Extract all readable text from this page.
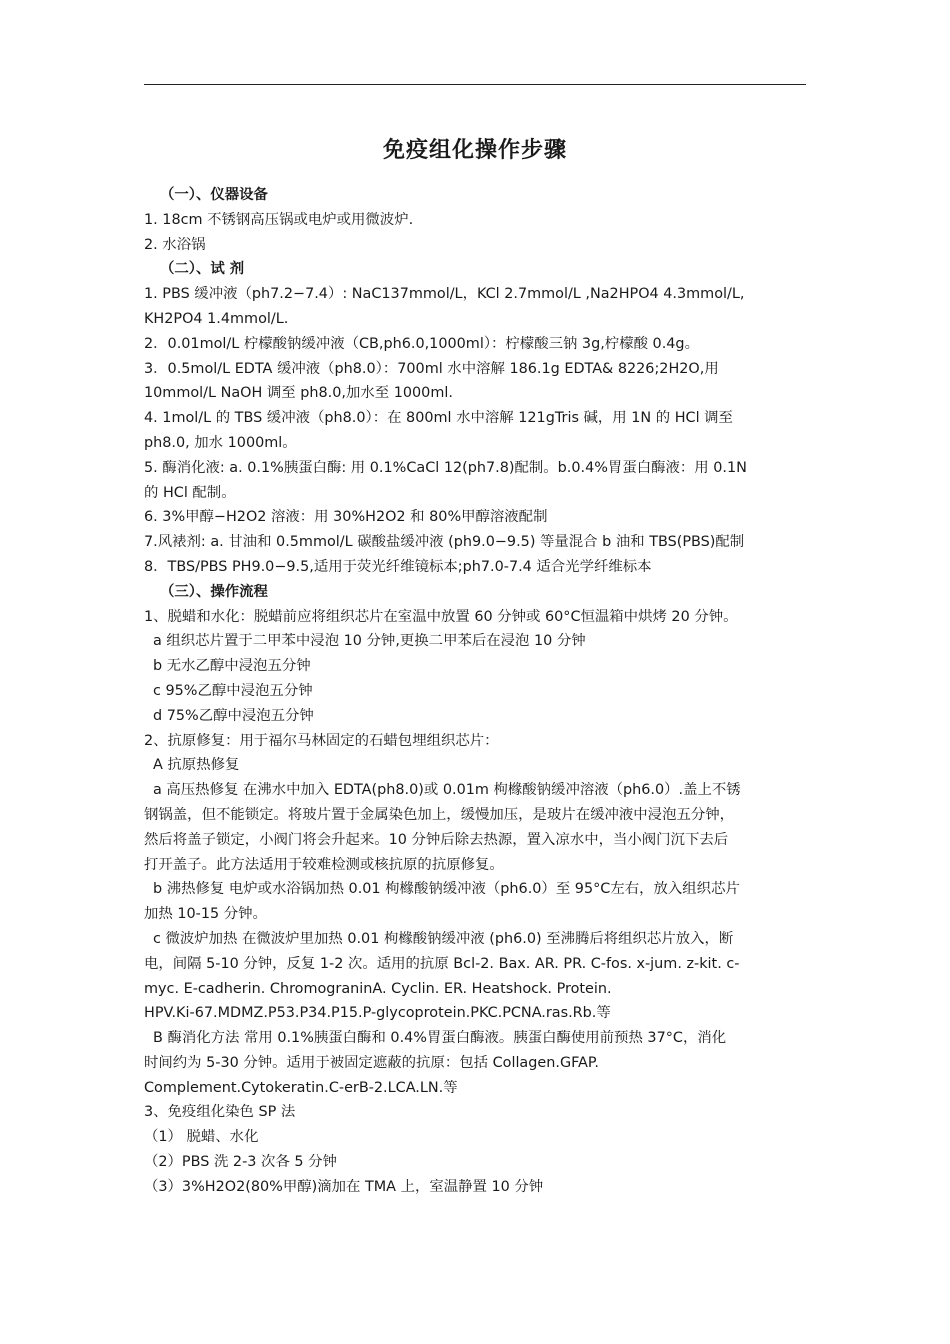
免疫组化操作步骤
（一）、仪器设备
1. 18cm 不锈钢高压锅或电炉或用微波炉.
2. 水浴锅
（二）、试 剂
1. PBS 缓冲液（ph7.2−7.4）: NaC137mmol/L，KCl 2.7mmol/L ,Na2HPO4 4.3mmol/L,
KH2PO4 1.4mmol/L.
2．0.01mol/L 柠檬酸钠缓冲液（CB,ph6.0,1000ml）：柠檬酸三钠 3g,柠檬酸 0.4g。
3．0.5mol/L EDTA 缓冲液（ph8.0）：700ml 水中溶解 186.1g EDTA& 8226;2H2O,用
10mmol/L NaOH 调至 ph8.0,加水至 1000ml.
4. 1mol/L 的 TBS 缓冲液（ph8.0）：在 800ml 水中溶解 121gTris 碱，用 1N 的 HCl 调至
ph8.0, 加水 1000ml。
5. 酶消化液: a. 0.1%胰蛋白酶: 用 0.1%CaCl 12(ph7.8)配制。b.0.4%胃蛋白酶液：用 0.1N
的 HCl 配制。
6. 3%甲醇−H2O2 溶液：用 30%H2O2 和 80%甲醇溶液配制
7.风裱剂: a. 甘油和 0.5mmol/L 碳酸盐缓冲液 (ph9.0−9.5) 等量混合 b 油和 TBS(PBS)配制
8．TBS/PBS PH9.0−9.5,适用于荧光纤维镜标本;ph7.0-7.4 适合光学纤维标本
（三）、操作流程
1、脱蜡和水化：脱蜡前应将组织芯片在室温中放置 60 分钟或 60°C恒温箱中烘烤 20 分钟。
a 组织芯片置于二甲苯中浸泡 10 分钟,更换二甲苯后在浸泡 10 分钟
b 无水乙醇中浸泡五分钟
c 95%乙醇中浸泡五分钟
d 75%乙醇中浸泡五分钟
2、抗原修复：用于福尔马林固定的石蜡包埋组织芯片：
A 抗原热修复
a 高压热修复 在沸水中加入 EDTA(ph8.0)或 0.01m 枸橼酸钠缓冲溶液（ph6.0）.盖上不锈
钢锅盖，但不能锁定。将玻片置于金属染色加上，缓慢加压，是玻片在缓冲液中浸泡五分钟，
然后将盖子锁定，小阀门将会升起来。10 分钟后除去热源，置入凉水中，当小阀门沉下去后
打开盖子。此方法适用于较难检测或核抗原的抗原修复。
b 沸热修复 电炉或水浴锅加热 0.01 枸橼酸钠缓冲液（ph6.0）至 95°C左右，放入组织芯片
加热 10-15 分钟。
c 微波炉加热 在微波炉里加热 0.01 枸橼酸钠缓冲液 (ph6.0) 至沸腾后将组织芯片放入，断
电，间隔 5-10 分钟，反复 1-2 次。适用的抗原 Bcl-2. Bax. AR. PR. C-fos. x-jum. z-kit. c-
myc. E-cadherin. ChromograninA. Cyclin. ER. Heatshock. Protein.
HPV.Ki-67.MDMZ.P53.P34.P15.P-glycoprotein.PKC.PCNA.ras.Rb.等
B 酶消化方法 常用 0.1%胰蛋白酶和 0.4%胃蛋白酶液。胰蛋白酶使用前预热 37°C，消化
时间约为 5-30 分钟。适用于被固定遮蔽的抗原：包括 Collagen.GFAP.
Complement.Cytokeratin.C-erB-2.LCA.LN.等
3、免疫组化染色 SP 法
（1） 脱蜡、水化
（2）PBS 洗 2-3 次各 5 分钟
（3）3%H2O2(80%甲醇)滴加在 TMA 上，室温静置 10 分钟
